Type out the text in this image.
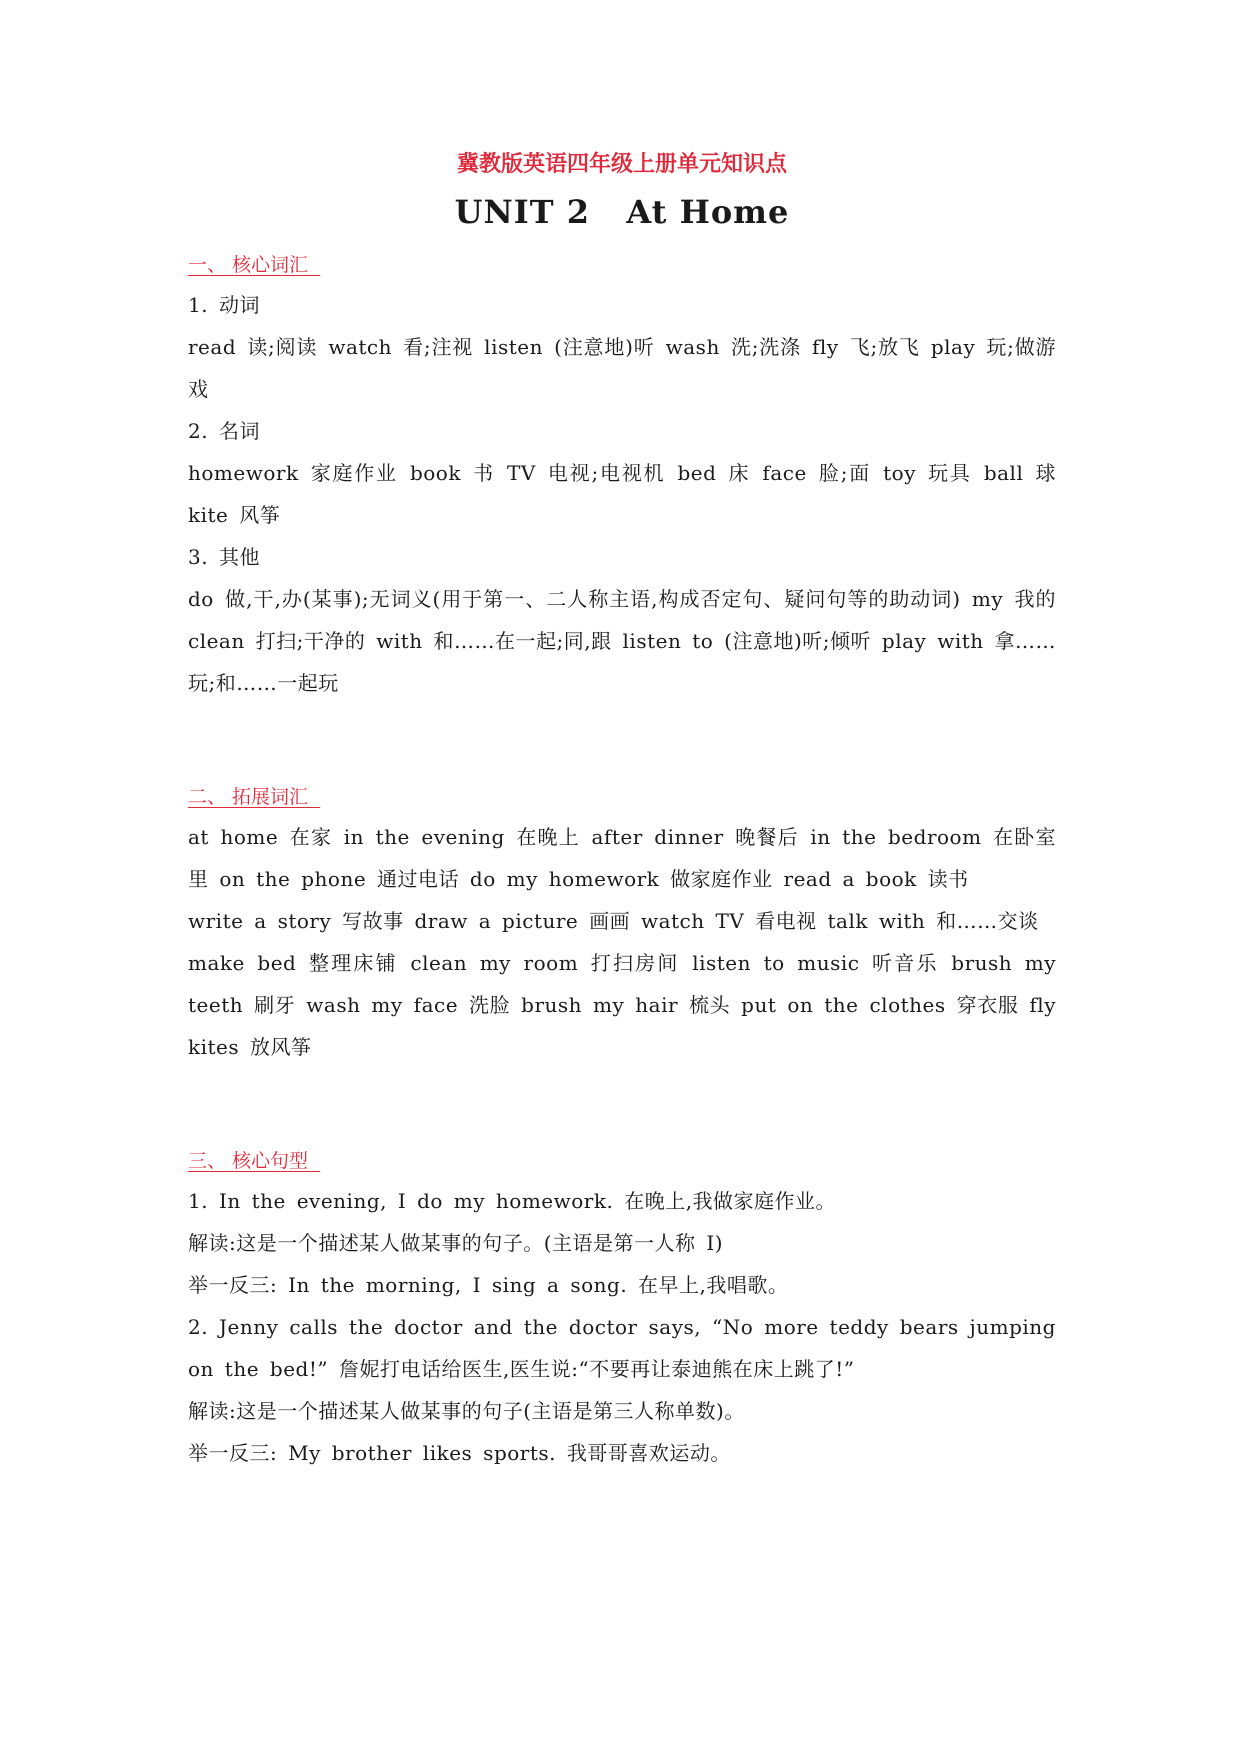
冀教版英语四年级上册单元知识点

UNIT 2   At Home

一、 核心词汇

1. 动词

read 读;阅读 watch 看;注视 listen (注意地)听 wash 洗;洗涤 fly 飞;放飞 play 玩;做游戏

2. 名词

homework 家庭作业 book 书 TV 电视;电视机 bed 床 face 脸;面 toy 玩具 ball 球 kite 风筝

3. 其他

do 做,干,办(某事);无词义(用于第一、二人称主语,构成否定句、疑问句等的助动词) my 我的 clean 打扫;干净的 with 和……在一起;同,跟 listen to (注意地)听;倾听 play with 拿……玩;和……一起玩

二、 拓展词汇

at home 在家 in the evening 在晚上 after dinner 晚餐后 in the bedroom 在卧室里 on the phone 通过电话 do my homework 做家庭作业 read a book 读书

write a story 写故事 draw a picture 画画 watch TV 看电视 talk with 和……交谈

make bed 整理床铺 clean my room 打扫房间 listen to music 听音乐 brush my teeth 刷牙 wash my face 洗脸 brush my hair 梳头 put on the clothes 穿衣服 fly kites 放风筝

三、 核心句型

1. In the evening, I do my homework. 在晚上,我做家庭作业。

解读:这是一个描述某人做某事的句子。(主语是第一人称 I)

举一反三: In the morning, I sing a song. 在早上,我唱歌。

2. Jenny calls the doctor and the doctor says, “No more teddy bears jumping on the bed!” 詹妮打电话给医生,医生说:“不要再让泰迪熊在床上跳了!”

解读:这是一个描述某人做某事的句子(主语是第三人称单数)。

举一反三: My brother likes sports. 我哥哥喜欢运动。
